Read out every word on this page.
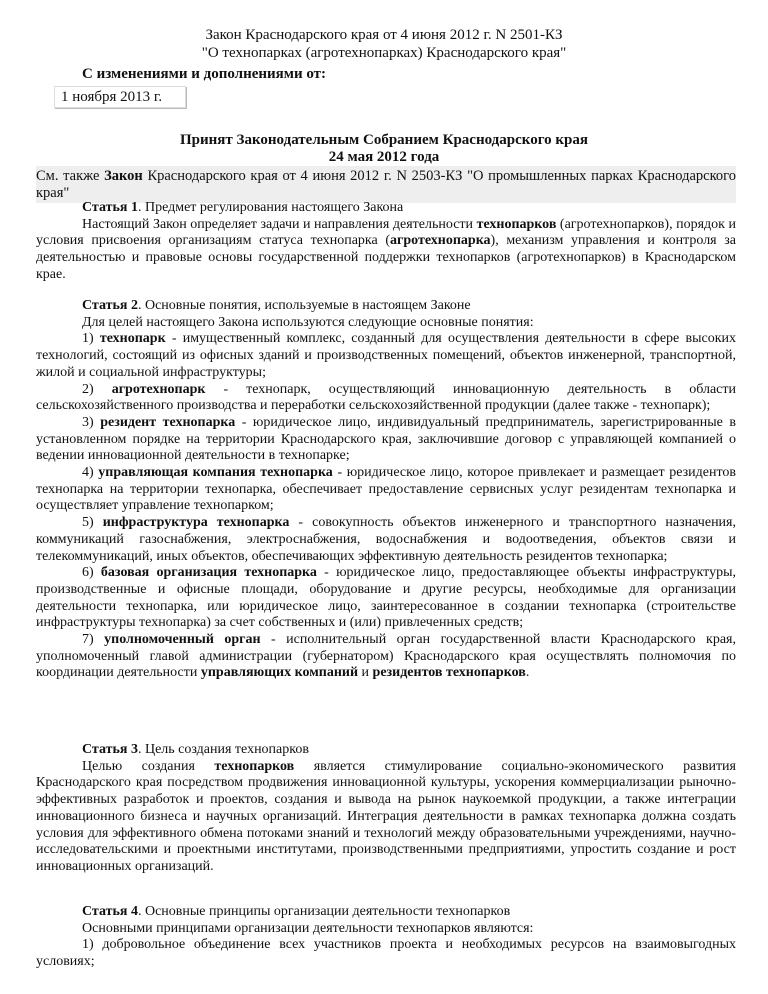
Закон Краснодарского края от 4 июня 2012 г. N 2501-КЗ
"О технопарках (агротехнопарках) Краснодарского края"
С изменениями и дополнениями от:
1 ноября 2013 г.
Принят Законодательным Собранием Краснодарского края
24 мая 2012 года
См. также Закон Краснодарского края от 4 июня 2012 г. N 2503-КЗ "О промышленных парках Краснодарского края"

Статья 1. Предмет регулирования настоящего Закона

Настоящий Закон определяет задачи и направления деятельности технопарков (агротехнопарков), порядок и условия присвоения организациям статуса технопарка (агротехнопарка), механизм управления и контроля за деятельностью и правовые основы государственной поддержки технопарков (агротехнопарков) в Краснодарском крае.

Статья 2. Основные понятия, используемые в настоящем Законе

Для целей настоящего Закона используются следующие основные понятия:

1) технопарк - имущественный комплекс, созданный для осуществления деятельности в сфере высоких технологий, состоящий из офисных зданий и производственных помещений, объектов инженерной, транспортной, жилой и социальной инфраструктуры;

2) агротехнопарк - технопарк, осуществляющий инновационную деятельность в области сельскохозяйственного производства и переработки сельскохозяйственной продукции (далее также - технопарк);

3) резидент технопарка - юридическое лицо, индивидуальный предприниматель, зарегистрированные в установленном порядке на территории Краснодарского края, заключившие договор с управляющей компанией о ведении инновационной деятельности в технопарке;

4) управляющая компания технопарка - юридическое лицо, которое привлекает и размещает резидентов технопарка на территории технопарка, обеспечивает предоставление сервисных услуг резидентам технопарка и осуществляет управление технопарком;

5) инфраструктура технопарка - совокупность объектов инженерного и транспортного назначения, коммуникаций газоснабжения, электроснабжения, водоснабжения и водоотведения, объектов связи и телекоммуникаций, иных объектов, обеспечивающих эффективную деятельность резидентов технопарка;

6) базовая организация технопарка - юридическое лицо, предоставляющее объекты инфраструктуры, производственные и офисные площади, оборудование и другие ресурсы, необходимые для организации деятельности технопарка, или юридическое лицо, заинтересованное в создании технопарка (строительстве инфраструктуры технопарка) за счет собственных и (или) привлеченных средств;

7) уполномоченный орган - исполнительный орган государственной власти Краснодарского края, уполномоченный главой администрации (губернатором) Краснодарского края осуществлять полномочия по координации деятельности управляющих компаний и резидентов технопарков.

Статья 3. Цель создания технопарков

Целью создания технопарков является стимулирование социально-экономического развития Краснодарского края посредством продвижения инновационной культуры, ускорения коммерциализации рыночно-эффективных разработок и проектов, создания и вывода на рынок наукоемкой продукции, а также интеграции инновационного бизнеса и научных организаций. Интеграция деятельности в рамках технопарка должна создать условия для эффективного обмена потоками знаний и технологий между образовательными учреждениями, научно-исследовательскими и проектными институтами, производственными предприятиями, упростить создание и рост инновационных организаций.

Статья 4. Основные принципы организации деятельности технопарков

Основными принципами организации деятельности технопарков являются:

1) добровольное объединение всех участников проекта и необходимых ресурсов на взаимовыгодных условиях;
